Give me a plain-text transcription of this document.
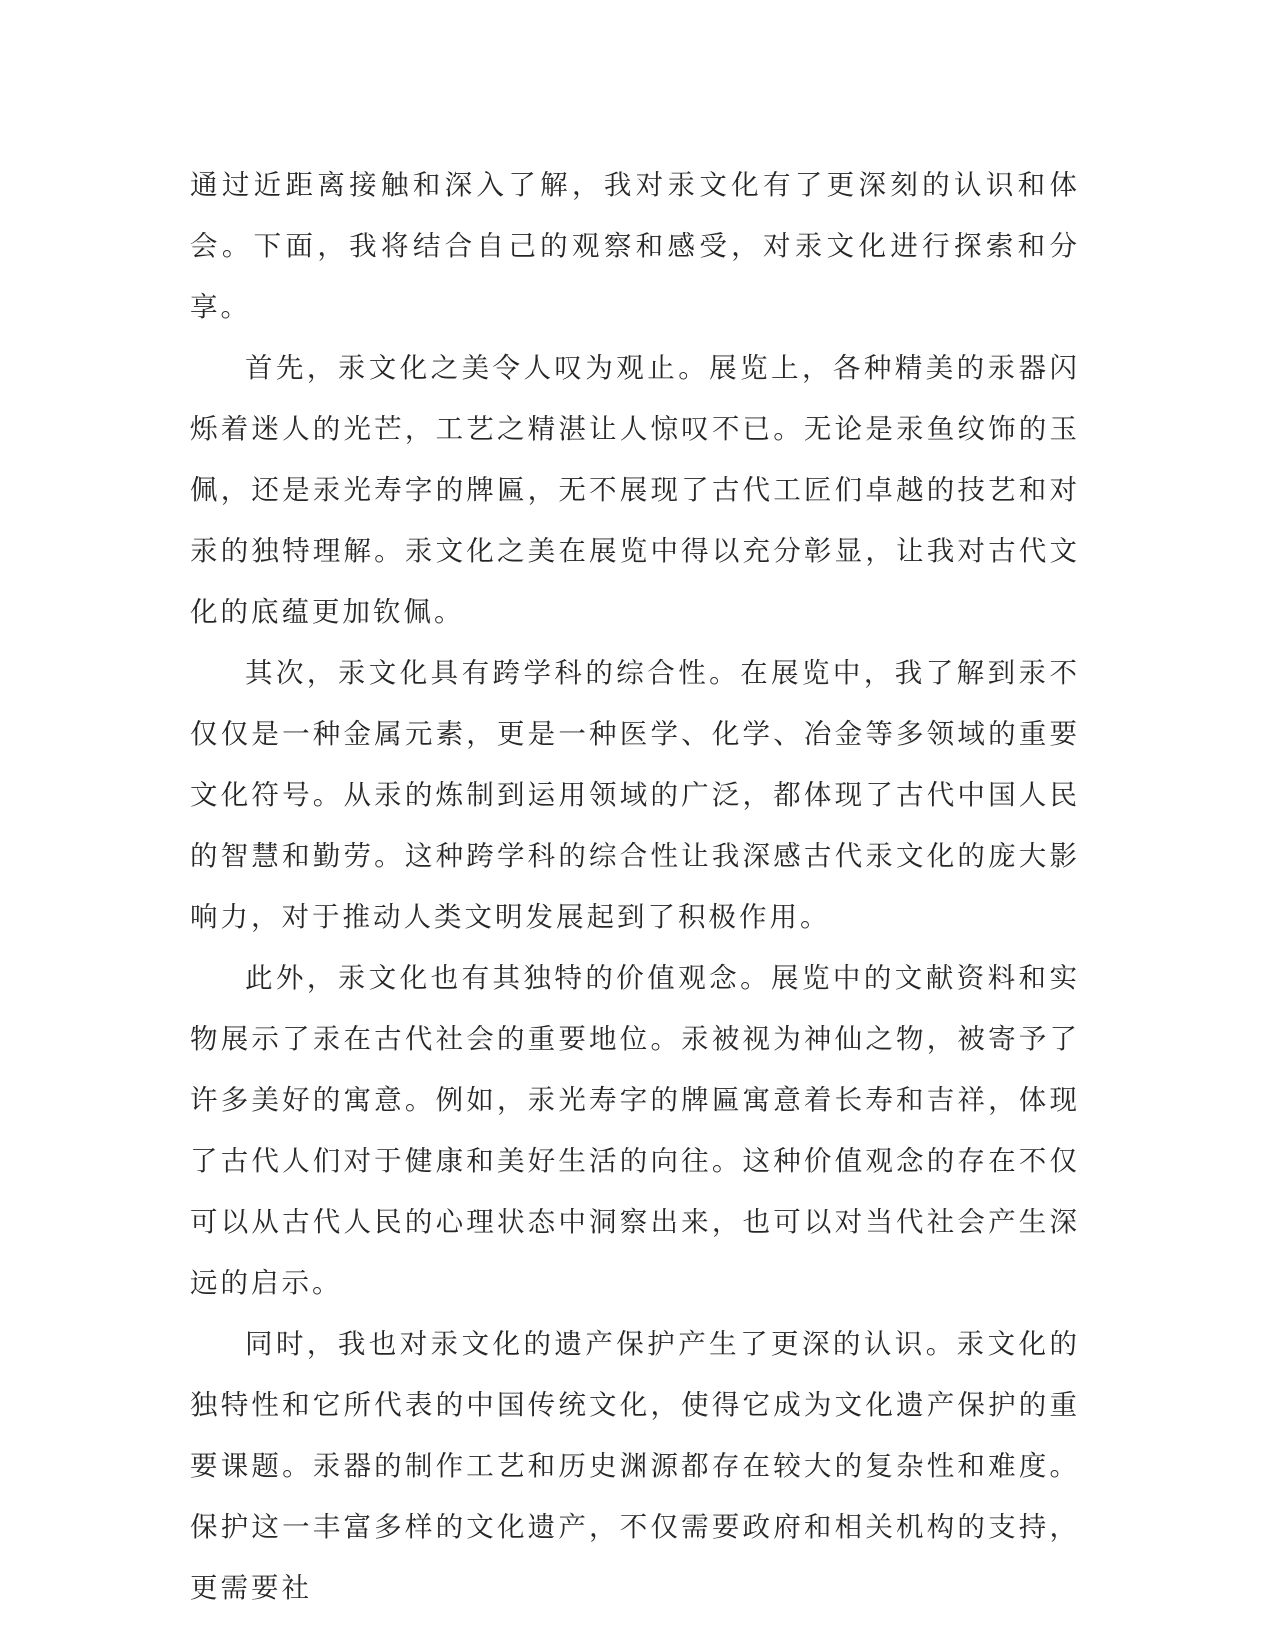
通过近距离接触和深入了解，我对汞文化有了更深刻的认识和体会。下面，我将结合自己的观察和感受，对汞文化进行探索和分享。

首先，汞文化之美令人叹为观止。展览上，各种精美的汞器闪烁着迷人的光芒，工艺之精湛让人惊叹不已。无论是汞鱼纹饰的玉佩，还是汞光寿字的牌匾，无不展现了古代工匠们卓越的技艺和对汞的独特理解。汞文化之美在展览中得以充分彰显，让我对古代文化的底蕴更加钦佩。

其次，汞文化具有跨学科的综合性。在展览中，我了解到汞不仅仅是一种金属元素，更是一种医学、化学、冶金等多领域的重要文化符号。从汞的炼制到运用领域的广泛，都体现了古代中国人民的智慧和勤劳。这种跨学科的综合性让我深感古代汞文化的庞大影响力，对于推动人类文明发展起到了积极作用。

此外，汞文化也有其独特的价值观念。展览中的文献资料和实物展示了汞在古代社会的重要地位。汞被视为神仙之物，被寄予了许多美好的寓意。例如，汞光寿字的牌匾寓意着长寿和吉祥，体现了古代人们对于健康和美好生活的向往。这种价值观念的存在不仅可以从古代人民的心理状态中洞察出来，也可以对当代社会产生深远的启示。

同时，我也对汞文化的遗产保护产生了更深的认识。汞文化的独特性和它所代表的中国传统文化，使得它成为文化遗产保护的重要课题。汞器的制作工艺和历史渊源都存在较大的复杂性和难度。保护这一丰富多样的文化遗产，不仅需要政府和相关机构的支持，更需要社
